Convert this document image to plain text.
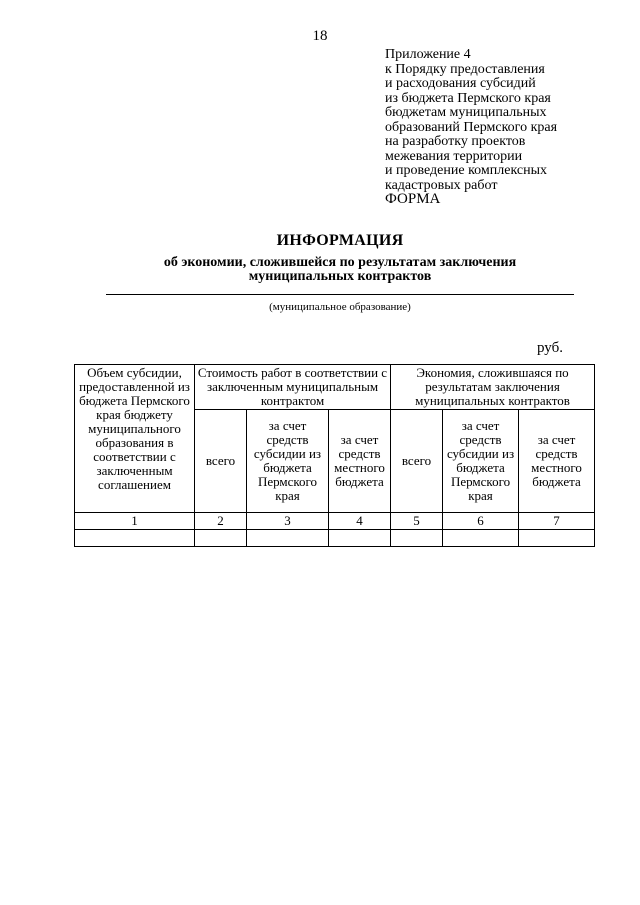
18
Приложение 4
к Порядку предоставления
и расходования субсидий
из бюджета Пермского края
бюджетам муниципальных
образований Пермского края
на разработку проектов
межевания территории
и проведение комплексных
кадастровых работ
ФОРМА
ИНФОРМАЦИЯ
об экономии, сложившейся по результатам заключения
муниципальных контрактов
(муниципальное образование)
руб.
Объем субсидии, предоставленной из бюджета Пермского края бюджету муниципального образования в соответствии с заключенным соглашением	Стоимость работ в соответствии с заключенным муниципальным контрактом			Экономия, сложившаяся по результатам заключения муниципальных контрактов		
	всего	за счет средств субсидии из бюджета Пермского края	за счет средств местного бюджета	всего	за счет средств субсидии из бюджета Пермского края	за счет средств местного бюджета
1	2	3	4	5	6	7
